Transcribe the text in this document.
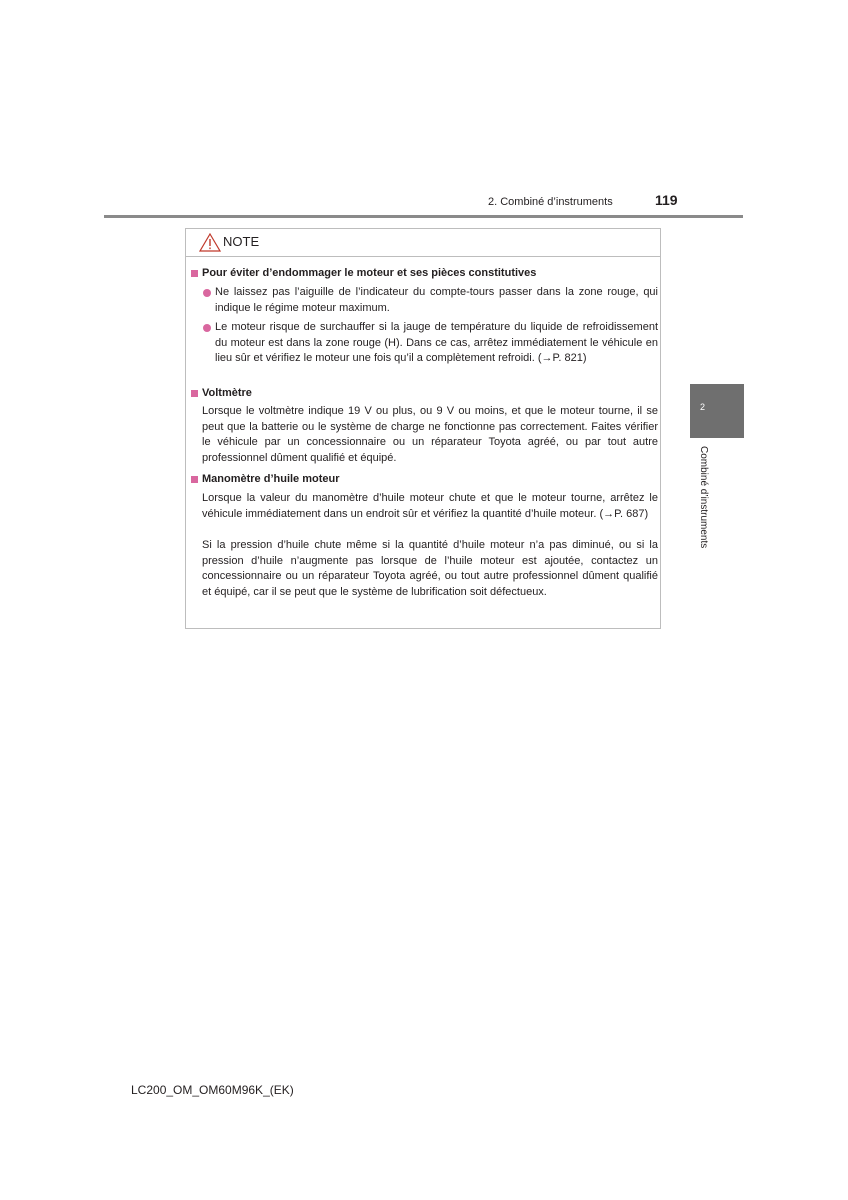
2. Combiné d’instruments	119
2
Combiné d’instruments
NOTE
Pour éviter d’endommager le moteur et ses pièces constitutives
Ne laissez pas l’aiguille de l’indicateur du compte-tours passer dans la zone rouge, qui indique le régime moteur maximum.
Le moteur risque de surchauffer si la jauge de température du liquide de refroidissement du moteur est dans la zone rouge (H). Dans ce cas, arrêtez immédiatement le véhicule en lieu sûr et vérifiez le moteur une fois qu’il a complètement refroidi. (→P. 821)
Voltmètre
Lorsque le voltmètre indique 19 V ou plus, ou 9 V ou moins, et que le moteur tourne, il se peut que la batterie ou le système de charge ne fonctionne pas correctement. Faites vérifier le véhicule par un concessionnaire ou un réparateur Toyota agréé, ou par tout autre professionnel dûment qualifié et équipé.
Manomètre d’huile moteur
Lorsque la valeur du manomètre d’huile moteur chute et que le moteur tourne, arrêtez le véhicule immédiatement dans un endroit sûr et vérifiez la quantité d’huile moteur. (→P. 687)
Si la pression d’huile chute même si la quantité d’huile moteur n’a pas diminué, ou si la pression d’huile n’augmente pas lorsque de l’huile moteur est ajoutée, contactez un concessionnaire ou un réparateur Toyota agréé, ou tout autre professionnel dûment qualifié et équipé, car il se peut que le système de lubrification soit défectueux.
LC200_OM_OM60M96K_(EK)
